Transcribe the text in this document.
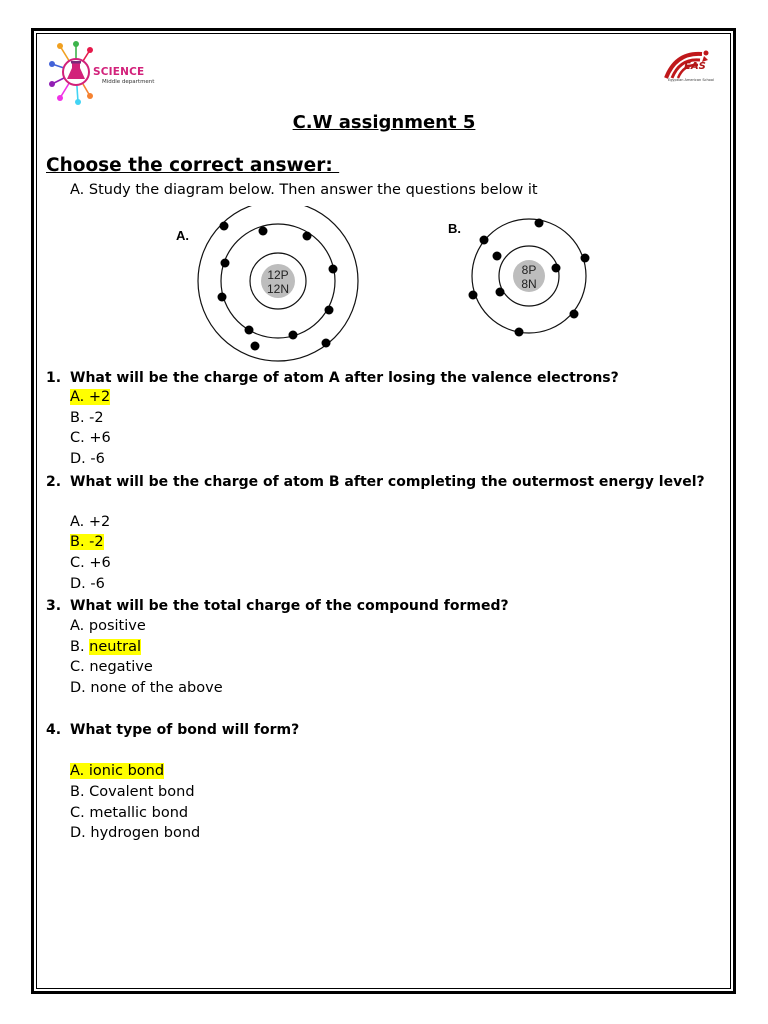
SCIENCE
Middle department
EAS
Egyptian American School
C.W assignment 5
Choose the correct answer:
A. Study the diagram below. Then answer the questions below it
A.
12P
12N
B.
8P
8N
1. What will be the charge of atom A after losing the valence electrons?
A. +2
B. -2
C. +6
D. -6
2. What will be the charge of atom B after completing the outermost energy level?
A. +2
B. -2
C. +6
D. -6
3. What will be the total charge of the compound formed?
A. positive
B. neutral
C. negative
D. none of the above
4. What type of bond will form?
A. ionic bond
B. Covalent bond
C. metallic bond
D. hydrogen bond
